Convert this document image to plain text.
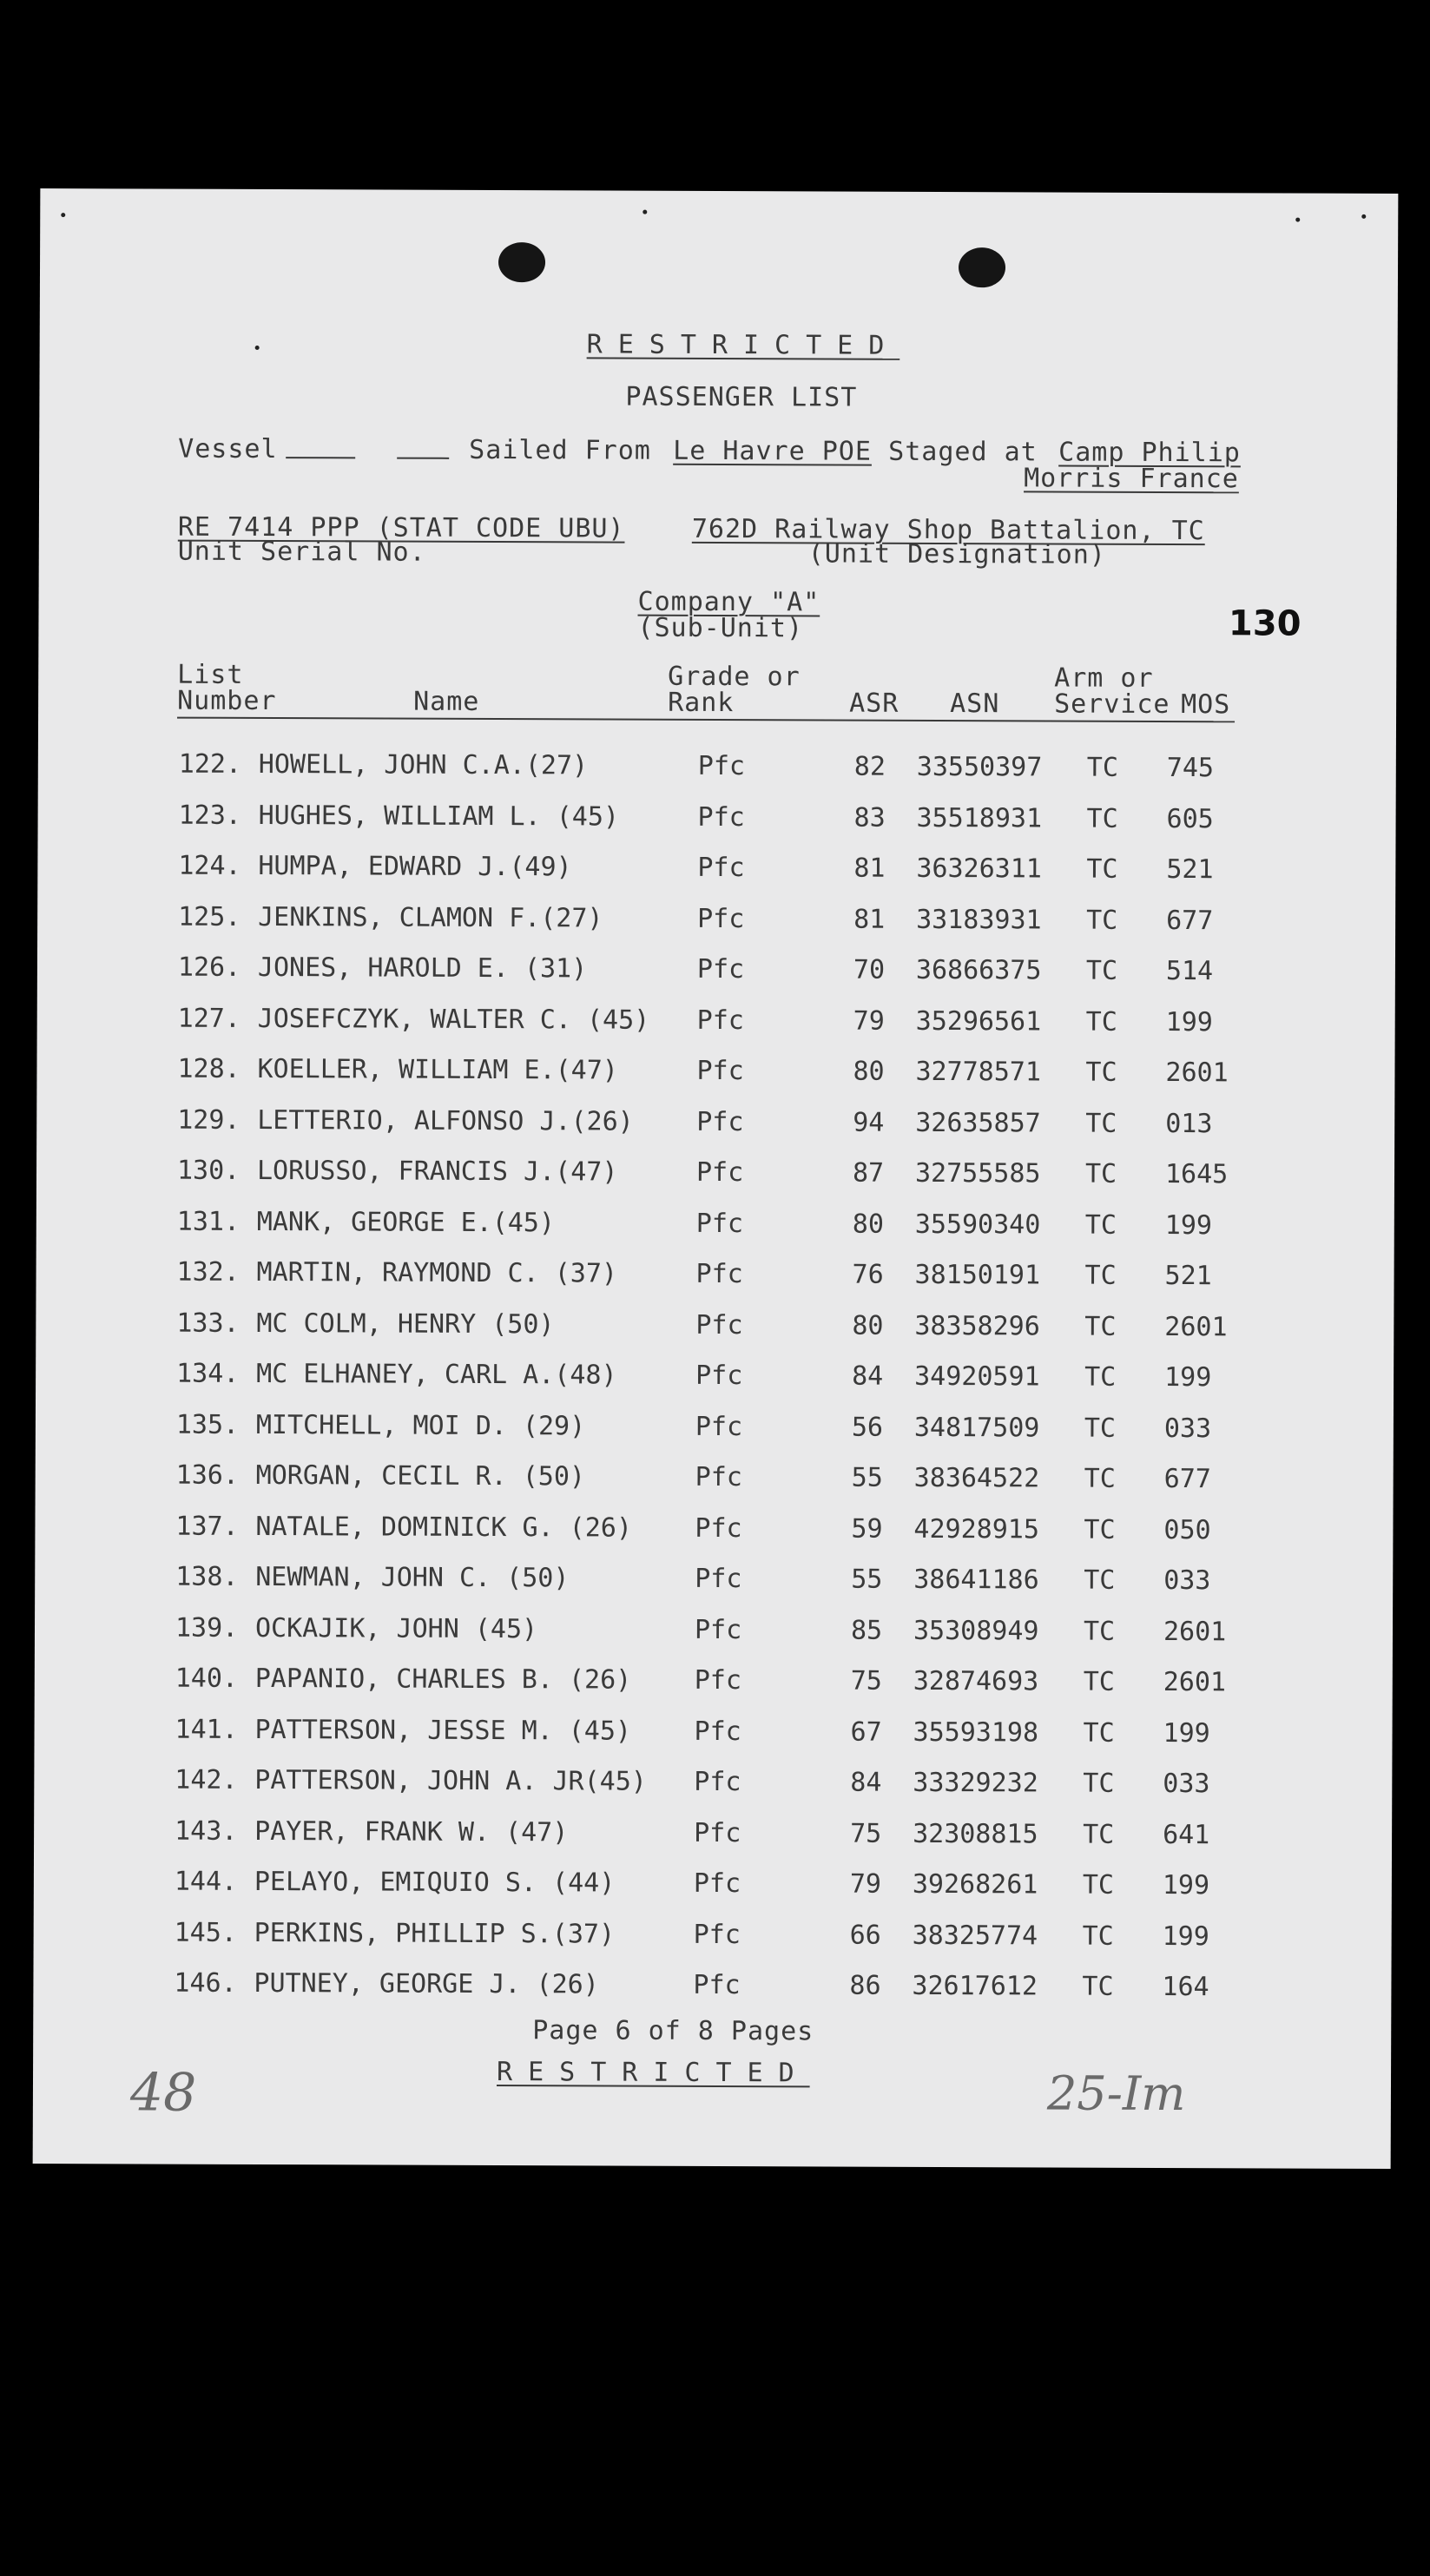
RESTRICTED
PASSENGER LIST
Vessel	Sailed From Le Havre POE Staged at Camp Philip
Morris France
RE 7414 PPP (STAT CODE UBU)
Unit Serial No.
762D Railway Shop Battalion, TC
(Unit Designation)
Company "A"
(Sub-Unit)	130
List
Number	Name
Grade or
Rank	ASR ASN
Arm or
Service MOS
122. HOWELL, JOHN C.A.(27)	Pfc	82 33550397 TC 745
123. HUGHES, WILLIAM L. (45)	Pfc	83 35518931 TC 605
124. HUMPA, EDWARD J.(49)	Pfc	81 36326311 TC 521
125. JENKINS, CLAMON F.(27)	Pfc	81 33183931 TC 677
126. JONES, HAROLD E. (31)	Pfc	70 36866375 TC 514
127. JOSEFCZYK, WALTER C. (45) Pfc	79 35296561 TC 199
128. KOELLER, WILLIAM E.(47)	Pfc	80 32778571 TC 2601
129. LETTERIO, ALFONSO J.(26) Pfc	94 32635857 TC 013
130. LORUSSO, FRANCIS J.(47)	Pfc	87 32755585 TC 1645
131. MANK, GEORGE E.(45)	Pfc	80 35590340 TC 199
132. MARTIN, RAYMOND C. (37)	Pfc	76 38150191 TC 521
133. MC COLM, HENRY (50)	Pfc	80 38358296 TC 2601
134. MC ELHANEY, CARL A.(48)	Pfc	84 34920591 TC 199
135. MITCHELL, MOI D. (29)	Pfc	56 34817509 TC 033
136. MORGAN, CECIL R. (50)	Pfc	55 38364522 TC 677
137. NATALE, DOMINICK G. (26) Pfc	59 42928915 TC 050
138. NEWMAN, JOHN C. (50)	Pfc	55 38641186 TC 033
139. OCKAJIK, JOHN (45)	Pfc	85 35308949 TC 2601
140. PAPANIO, CHARLES B. (26) Pfc	75 32874693 TC 2601
141. PATTERSON, JESSE M. (45) Pfc	67 35593198 TC 199
142. PATTERSON, JOHN A. JR(45) Pfc	84 33329232 TC 033
143. PAYER, FRANK W. (47)	Pfc	75 32308815 TC 641
144. PELAYO, EMIQUIO S. (44)	Pfc	79 39268261 TC 199
145. PERKINS, PHILLIP S.(37)	Pfc	66 38325774 TC 199
146. PUTNEY, GEORGE J. (26)	Pfc	86 32617612 TC 164
Page 6 of 8 Pages
RESTRICTED
48	25-Im
